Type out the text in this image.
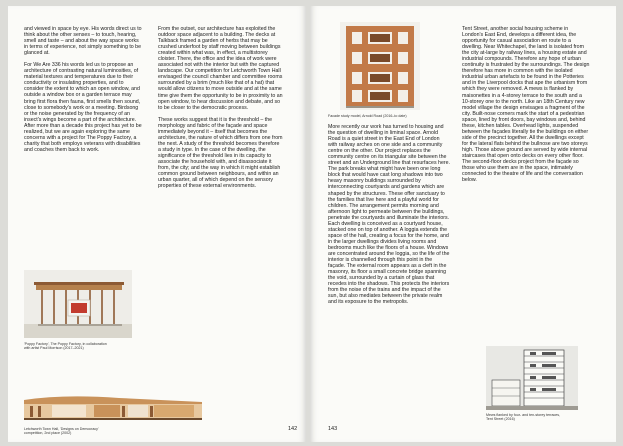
and viewed in space by eye. His words direct us to think about the other senses – to touch, hearing, smell and taste – and about the way space works in terms of experience, not simply something to be glanced at.

For We Are 336 his words led us to propose an architecture of contrasting natural luminosities, of material textures and temperatures due to their conductivity or insulating properties, and to consider the extent to which an open window, and outside a window box or a garden terrace may bring first flora then fauna, first smells then sound, close to somebody's work or a meeting. Birdsong or the noise generated by the frequency of an insect's wings become a part of the architecture. After more than a decade this project has yet to be realized, but we are again exploring the same concerns with a project for The Poppy Factory, a charity that both employs veterans with disabilities and coaches them back to work.

From the outset, our architecture has exploited the outdoor space adjacent to a building. The decks at Talkback framed a garden of herbs that may be crushed underfoot by staff moving between buildings created within what was, in effect, a multistorey cloister. There, the office and the idea of work were associated not with the interior but with the captured landscape. Our competition for Letchworth Town Hall envisaged the council chamber and committee rooms surrounded by a brim (much like that of a hat) that would allow citizens to move outside and at the same time give them the opportunity to be in proximity to an open window, to hear discussion and debate, and so to be closer to the democratic process.

These works suggest that it is the threshold – the morphology and fabric of the façade and space immediately beyond it – itself that becomes the architecture, the nature of which differs from one from the next. A study of the threshold becomes therefore a study in type. In the case of the dwelling, the significance of the threshold lies in its capacity to associate the household with, and disassociate it from, the city; and the way in which it might establish common ground between neighbours, and within an urban quarter, all of which depend on the sensory properties of these external environments.

'Poppy Factory', The Poppy Factory, in collaboration
with artist Paul Morrison (2017–2021)
Letchworth Town Hall, 'Designs on Democracy'
competition, 2nd place (2002)
142
Facade study model, Arnold Road (2016–to date)

More recently our work has turned to housing and the question of dwelling in liminal space. Arnold Road is a quiet street in the East End of London with railway arches on one side and a community centre on the other. Our project replaces the community centre on its triangular site between the street and an Underground line that resurfaces here. The park breaks what might have been one long block that would have cast long shadows into two heavy masonry buildings surrounded by interconnecting courtyards and gardens which are shaped by the structures. These offer sanctuary to the families that live here and a playful world for children. The arrangement permits morning and afternoon light to permeate between the buildings, penetrate the courtyards and illuminate the interiors. Each dwelling is conceived as a courtyard house, stacked one on top of another. A loggia extends the space of the hall, creating a focus for the home, and in the larger dwellings divides living rooms and bedrooms much like the floors of a house. Windows are concentrated around the loggia, so the life of the interior is channelled through this point in the façade. The external room appears as a cleft in the masonry, its floor a small concrete bridge spanning the void, surrounded by a curtain of glass that recedes into the shadows. This protects the interiors from the noise of the trains and the impact of the sun, but also mediates between the private realm and its exposure to the metropolis.

Tent Street, another social housing scheme in London's East End, develops a different idea, the opportunity for casual association en route to a dwelling. Near Whitechapel, the land is isolated from the city at-large by railway lines, a housing estate and industrial compounds. Therefore any hope of urban continuity is frustrated by the surroundings. The design therefore has more in common with the isolated industrial urban artefacts to be found in the Potteries and in the Liverpool docks that ape the urbanism from which they were removed. A mews is flanked by maisonettes in a 4-storey terrace to the south and a 10-storey one to the north. Like an 18th Century new model village the design envisages a fragment of the city. Built-nose corners mark the start of a pedestrian space, lined by front doors, bay windows and, behind these, kitchen tables. Overhead lights, suspended between the façades literally tie the buildings on either side of the precinct together. All the dwellings except for the lateral flats behind the bullnose are two storeys high. Those above ground are served by wide internal staircases that open onto decks on every other floor. The second-floor decks project from the façade so those who use them are in the space, intimately connected to the theatre of life and the conversation below.

Mews flanked by four- and ten-storey terraces,
Tent Street (2016)
143
